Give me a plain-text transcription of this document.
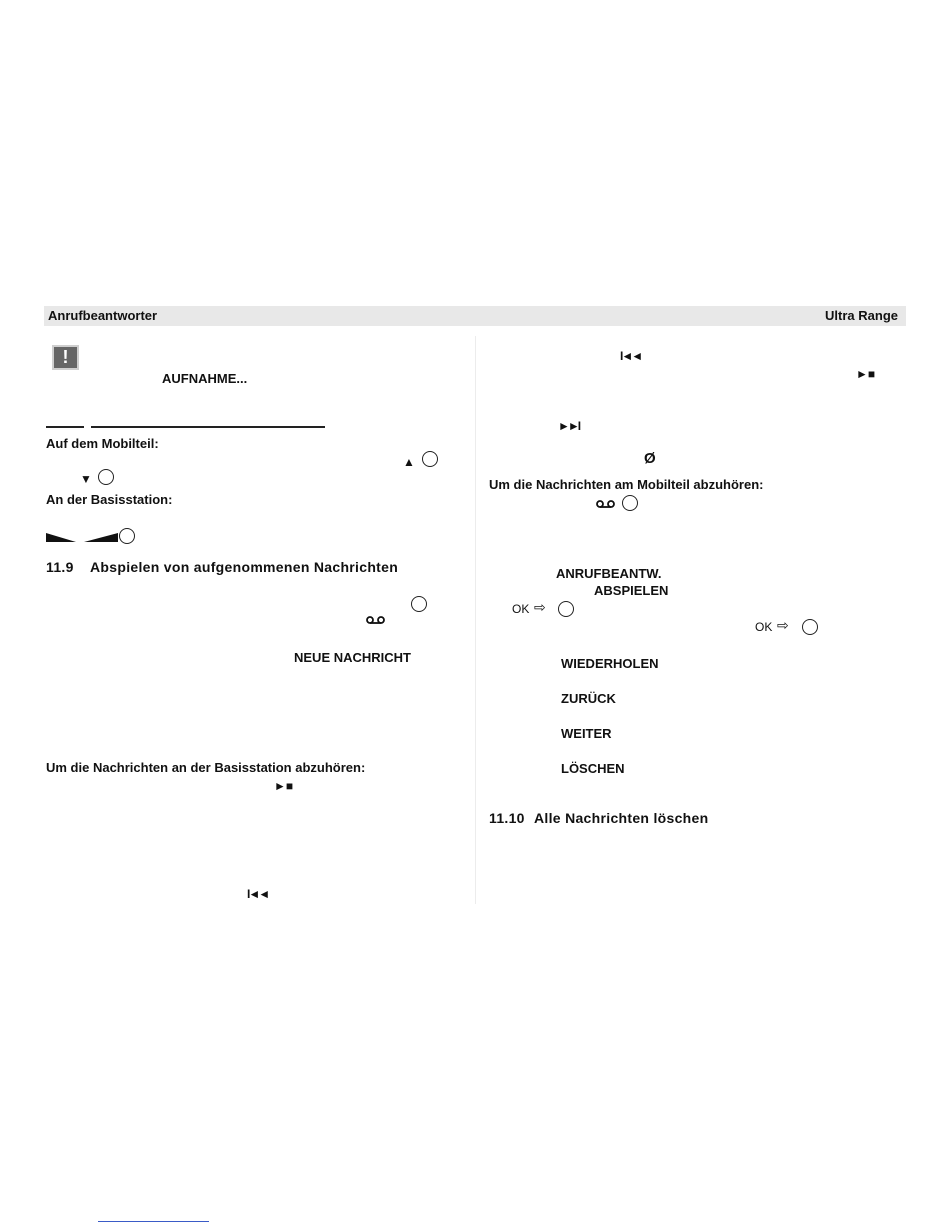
Anrufbeantworter	Ultra Range
!
AUFNAHME...
Auf dem Mobilteil:
▲
▼
An der Basisstation:
11.9 Abspielen von aufgenommenen Nachrichten
NEUE NACHRICHT
Um die Nachrichten an der Basisstation abzuhören:
►■
I◄◄
I◄◄
►■
►►I
Ø
Um die Nachrichten am Mobilteil abzuhören:
ANRUFBEANTW.
ABSPIELEN
OK ⇨
OK ⇨
WIEDERHOLEN
ZURÜCK
WEITER
LÖSCHEN
11.10 Alle Nachrichten löschen
